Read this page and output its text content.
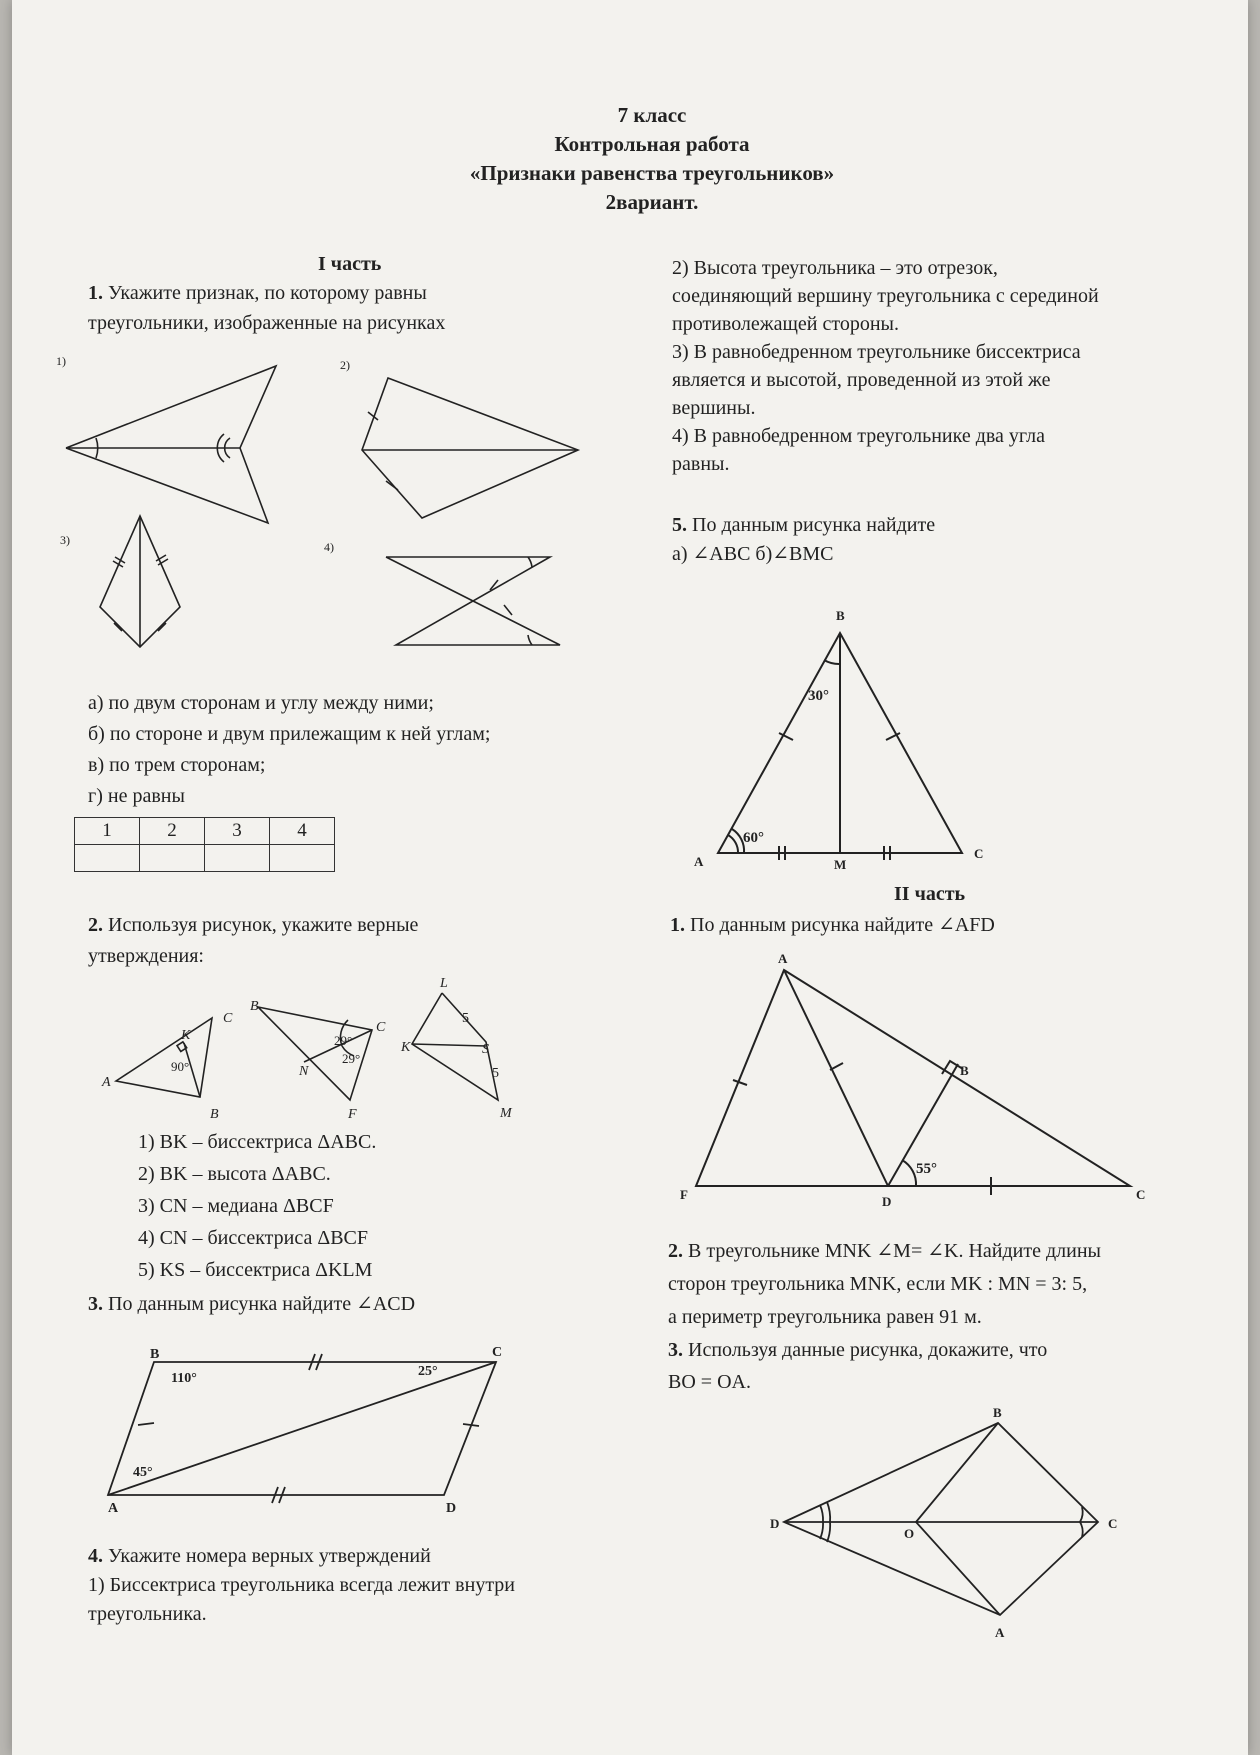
7 класс
Контрольная работа
«Признаки равенства треугольников»
2вариант.
I часть
1. Укажите признак, по которому равны
треугольники, изображенные на рисунках
1)	2)
3)	4)
а) по двум сторонам и углу между ними;
б) по стороне и двум прилежащим к ней углам;
в) по трем сторонам;
г) не равны
1	2	3	4

2. Используя рисунок, укажите верные
утверждения:
K
C
A
B
90°
B
C
N
F
29°
29°
L
K	S
M
5
5
1) BK – биссектриса ΔABC.
2) BK – высота ΔABC.
3) CN – медиана ΔBCF
4) CN – биссектриса ΔBCF
5) KS – биссектриса ΔKLM
3. По данным рисунка найдите ∠ACD
B	C
A	D
110°	25°
45°
4. Укажите номера верных утверждений
1) Биссектриса треугольника всегда лежит внутри
треугольника.
2) Высота треугольника – это отрезок,
соединяющий вершину треугольника с серединой
противолежащей стороны.
3) В равнобедренном треугольнике биссектриса
является и высотой, проведенной из этой же
вершины.
4) В равнобедренном треугольнике два угла
равны.
5. По данным рисунка найдите
а) ∠ABC б)∠BMC
B
A	M
C
30°
60°
II часть
1. По данным рисунка найдите ∠AFD
A
B
F	D	C
55°
2. В треугольнике MNK ∠M= ∠K. Найдите длины
сторон треугольника MNK, если MK : MN = 3: 5,
а периметр треугольника равен 91 м.
3. Используя данные рисунка, докажите, что
BO = OA.
B
D
O
C
A
